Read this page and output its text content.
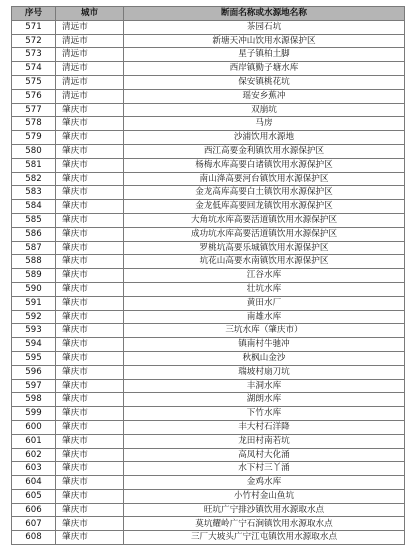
序号	城市	断面名称或水源地名称
571	清远市	茶园石坑
572	清远市	新塘天冲山饮用水源保护区
573	清远市	星子镇柏土脚
574	清远市	西岸镇勤子塘水库
575	清远市	保安镇桃花坑
576	清远市	瑶安乡蕉冲
577	肇庆市	双崩坑
578	肇庆市	马房
579	肇庆市	沙浦饮用水源地
580	肇庆市	西江高要金利镇饮用水源保护区
581	肇庆市	杨梅水库高要白诸镇饮用水源保护区
582	肇庆市	南山洚高要河台镇饮用水源保护区
583	肇庆市	金龙高库高要白土镇饮用水源保护区
584	肇庆市	金龙低库高要回龙镇饮用水源保护区
585	肇庆市	大角坑水库高要活道镇饮用水源保护区
586	肇庆市	成功坑水库高要活道镇饮用水源保护区
587	肇庆市	罗桃坑高要乐城镇饮用水源保护区
588	肇庆市	坑花山高要水南镇饮用水源保护区
589	肇庆市	江谷水库
590	肇庆市	壮坑水库
591	肇庆市	黄田水厂
592	肇庆市	南雄水库
593	肇庆市	三坑水库（肇庆市）
594	肇庆市	镇南村牛驰冲
595	肇庆市	秋枫山金沙
596	肇庆市	瑞坡村扇刀坑
597	肇庆市	丰洞水库
598	肇庆市	湖朗水库
599	肇庆市	下竹水库
600	肇庆市	丰大村石洋降
601	肇庆市	龙田村南若坑
602	肇庆市	高凤村大化涌
603	肇庆市	水下村三丫涌
604	肇庆市	金鸡水库
605	肇庆市	小竹村金山鱼坑
606	肇庆市	旺坑广宁排沙镇饮用水源取水点
607	肇庆市	莫坑耀岭广宁石涧镇饮用水源取水点
608	肇庆市	三厂大坡头广宁江屯镇饮用水源取水点
